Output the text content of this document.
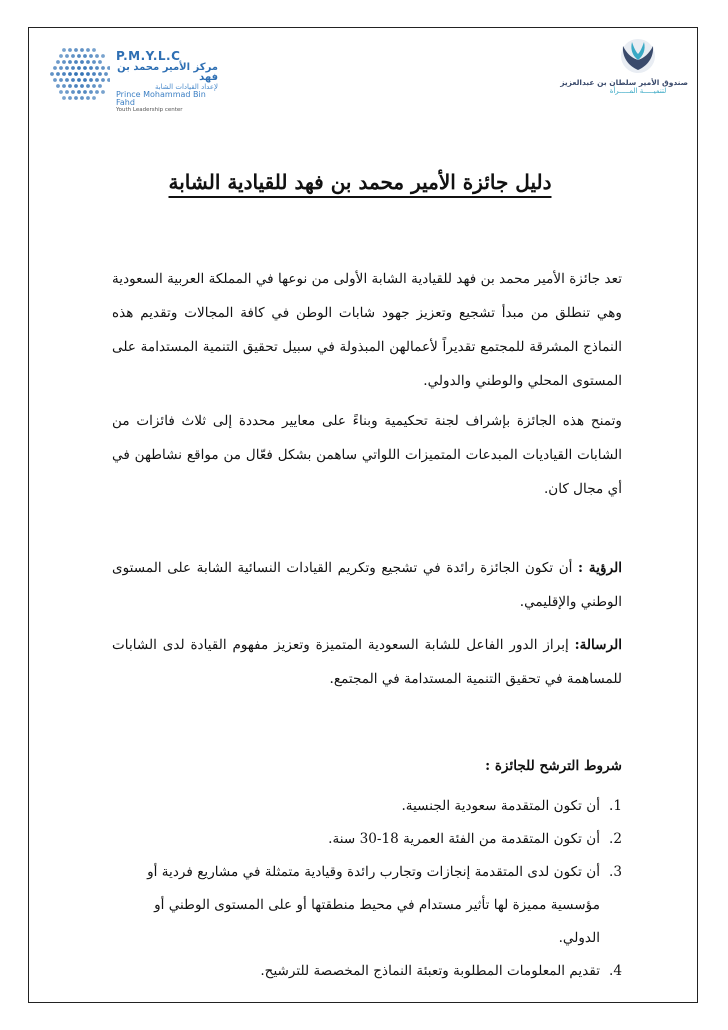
P.M.Y.L.C
مركز الأمير محمد بن فهد
لإعداد القيادات الشابة
Prince Mohammad Bin Fahd
Youth Leadership center
صندوق الأمير سلطان بن عبدالعزيز
لتنميـــــة المـــــرأة
دليل جائزة الأمير محمد بن فهد للقيادية الشابة

تعد جائزة الأمير محمد بن فهد للقيادية الشابة الأولى من نوعها في المملكة العربية السعودية وهي تنطلق من مبدأ تشجيع وتعزيز جهود شابات الوطن في كافة المجالات وتقديم هذه النماذج المشرقة للمجتمع تقديراً لأعمالهن المبذولة في سبيل تحقيق التنمية المستدامة على المستوى المحلي والوطني والدولي.

وتمنح هذه الجائزة بإشراف لجنة تحكيمية وبناءً على معايير محددة إلى ثلاث فائزات من الشابات القياديات المبدعات المتميزات اللواتي ساهمن بشكل فعّال من مواقع نشاطهن في أي مجال كان.

الرؤية : أن تكون الجائزة رائدة في تشجيع وتكريم القيادات النسائية الشابة على المستوى الوطني والإقليمي.

الرسالة: إبراز الدور الفاعل للشابة السعودية المتميزة وتعزيز مفهوم القيادة لدى الشابات للمساهمة في تحقيق التنمية المستدامة في المجتمع.

شروط الترشح للجائزة :
1.
أن تكون المتقدمة سعودية الجنسية.
2.
أن تكون المتقدمة من الفئة العمرية 18-30 سنة.
3.
أن تكون لدى المتقدمة إنجازات وتجارب رائدة وقيادية متمثلة في مشاريع فردية أو مؤسسية مميزة لها تأثير مستدام في محيط منطقتها أو على المستوى الوطني أو الدولي.
4.
تقديم المعلومات المطلوبة وتعبئة النماذج المخصصة للترشيح.
